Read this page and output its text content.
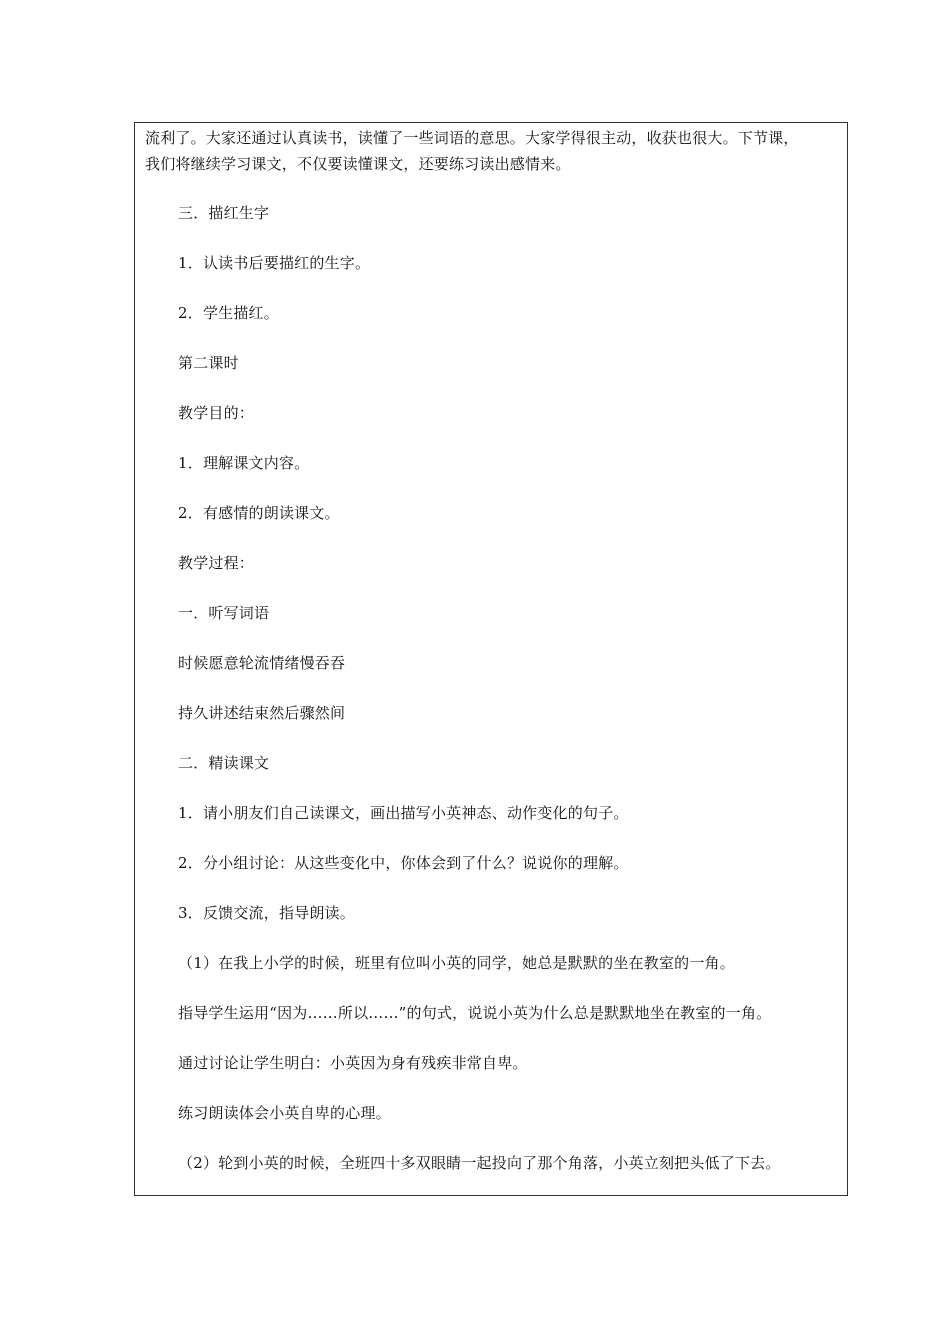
流利了。大家还通过认真读书，读懂了一些词语的意思。大家学得很主动，收获也很大。下节课，
我们将继续学习课文，不仅要读懂课文，还要练习读出感情来。
三．描红生字
1．认读书后要描红的生字。
2．学生描红。
第二课时
教学目的：
1．理解课文内容。
2．有感情的朗读课文。
教学过程：
一．听写词语
时候愿意轮流情绪慢吞吞
持久讲述结束然后骤然间
二．精读课文
1．请小朋友们自己读课文，画出描写小英神态、动作变化的句子。
2．分小组讨论：从这些变化中，你体会到了什么？说说你的理解。
3．反馈交流，指导朗读。
（1）在我上小学的时候，班里有位叫小英的同学，她总是默默的坐在教室的一角。
指导学生运用“因为……所以……”的句式，说说小英为什么总是默默地坐在教室的一角。
通过讨论让学生明白：小英因为身有残疾非常自卑。
练习朗读体会小英自卑的心理。
（2）轮到小英的时候，全班四十多双眼睛一起投向了那个角落，小英立刻把头低了下去。
